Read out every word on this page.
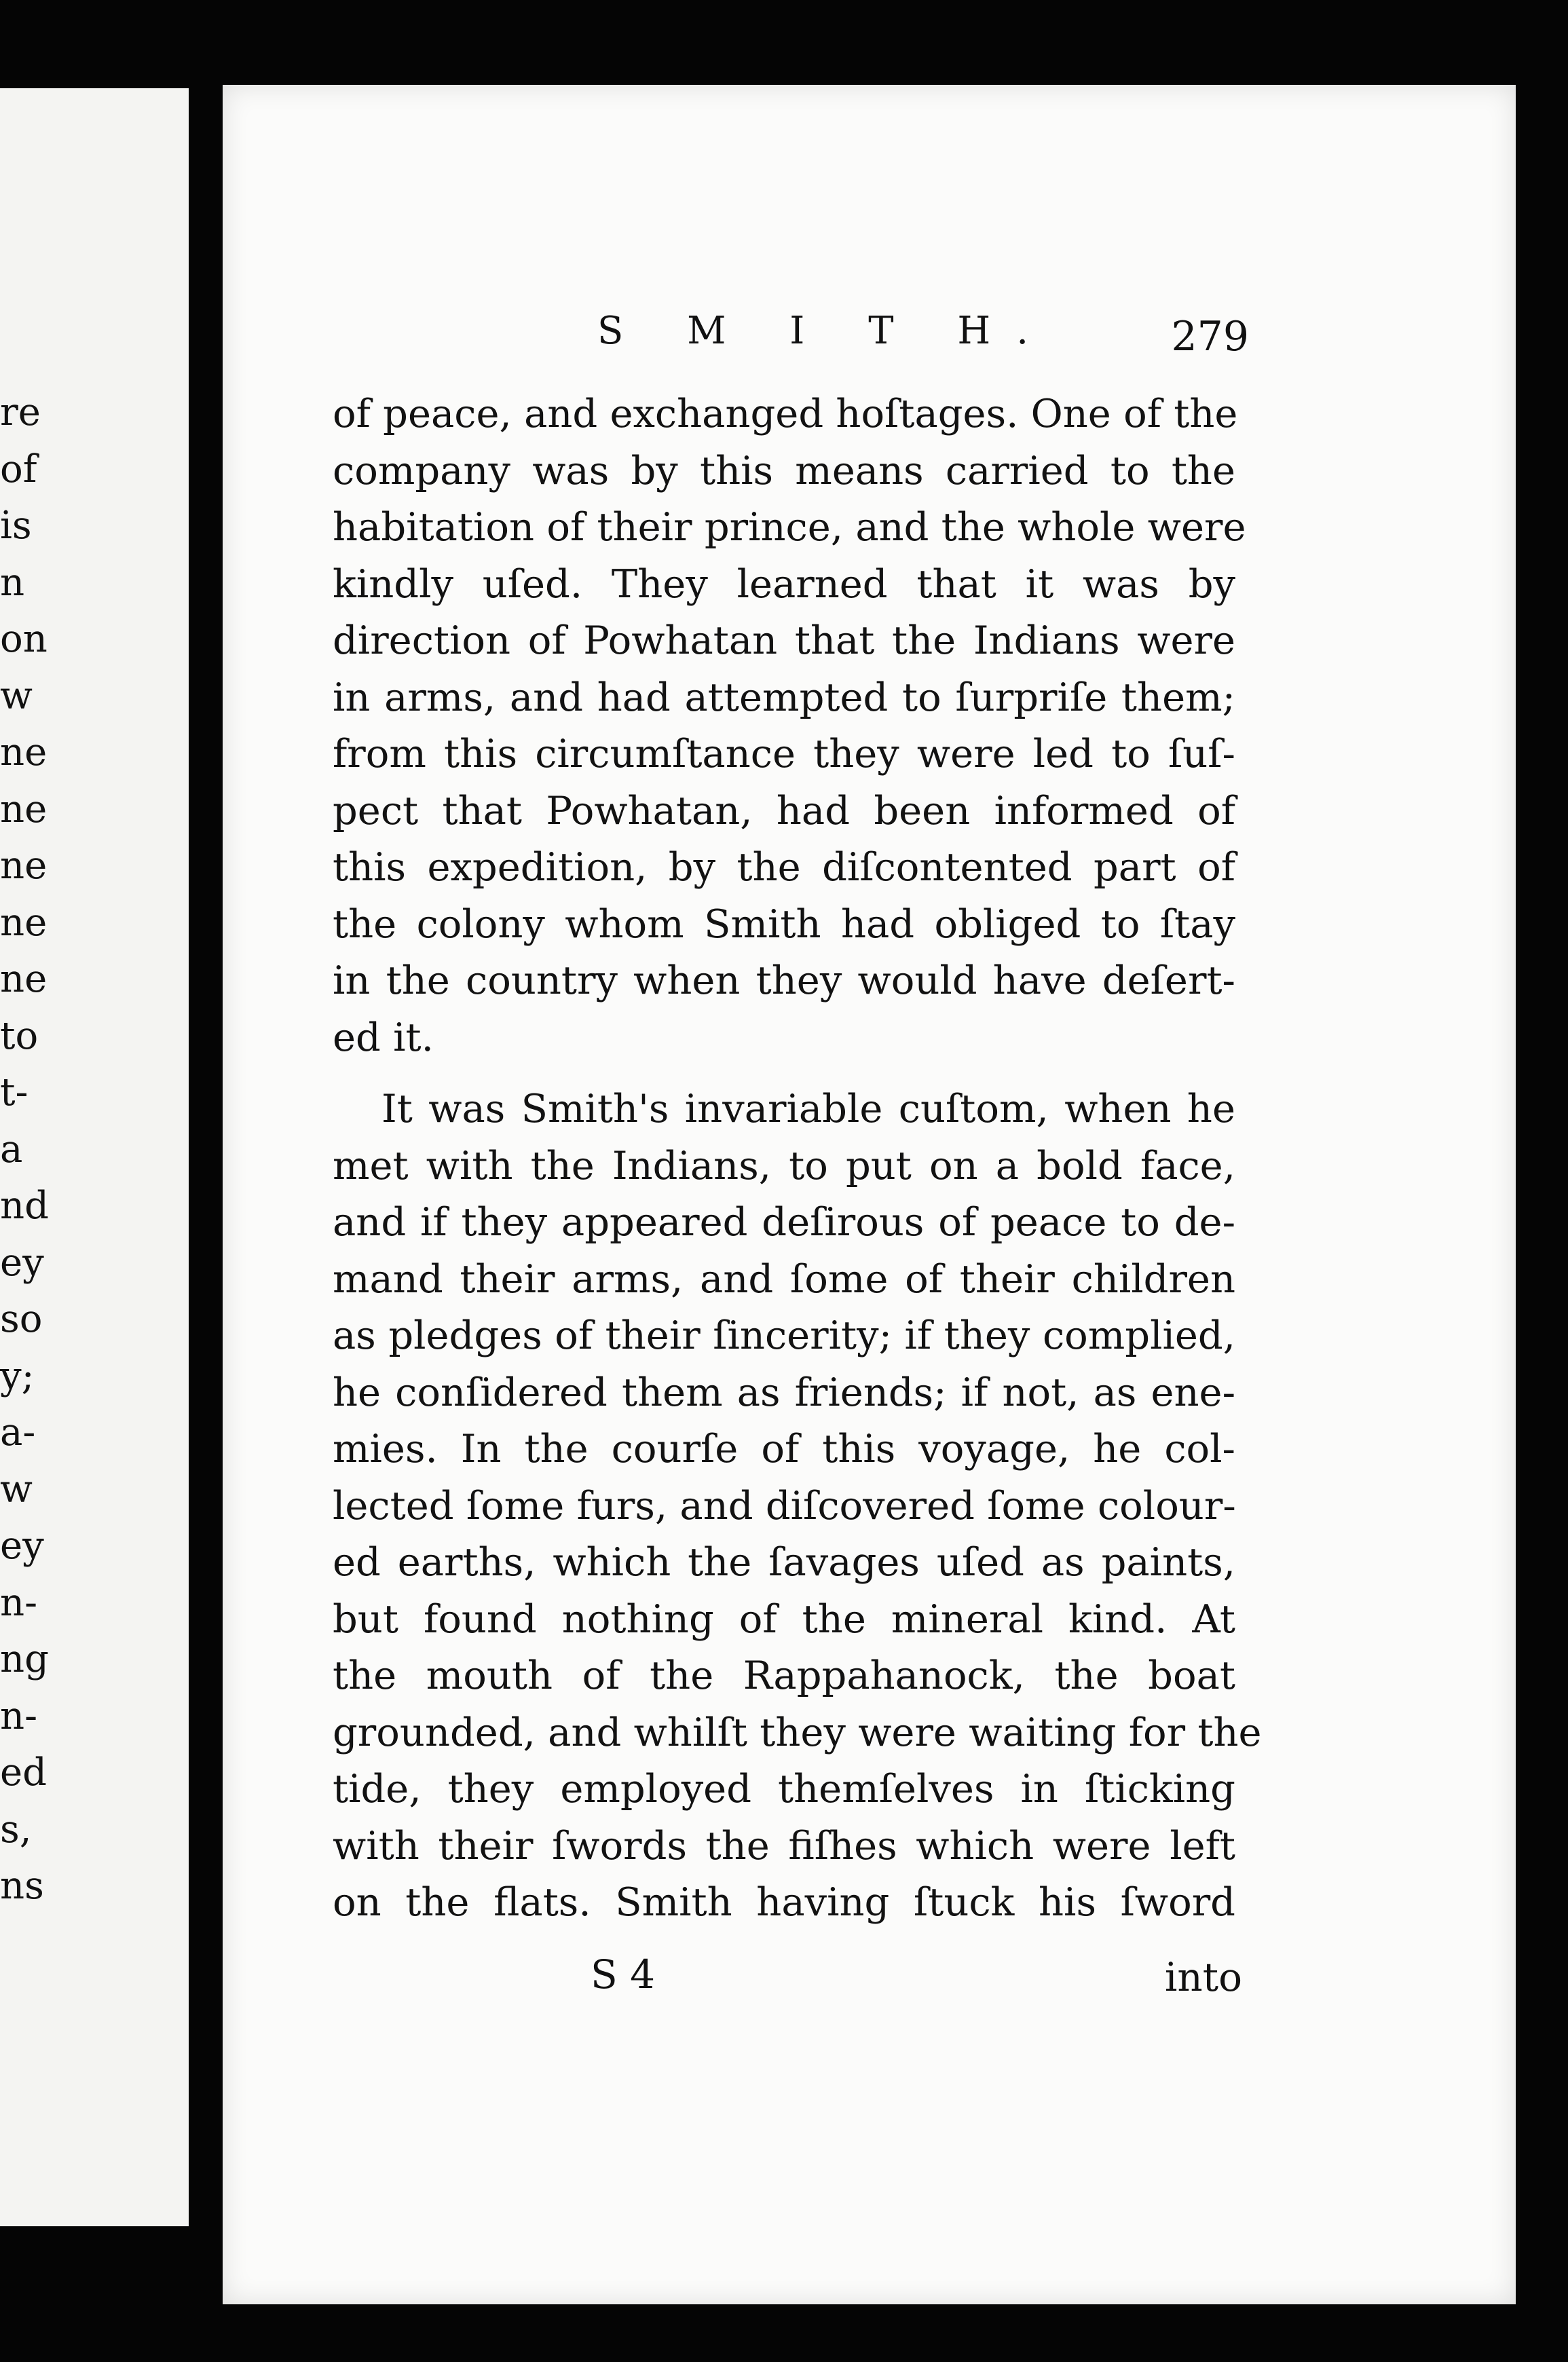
re
of
is
n
on
w
ne
ne
ne
ne
ne
to
t-
a
nd
ey
so
y;
a-
w
ey
n-
ng
n-
ed
s,
ns
S M I T H.	279
of peace, and exchanged hoſtages. One of the
company was by this means carried to the
habitation of their prince, and the whole were
kindly uſed. They learned that it was by
direction of Powhatan that the Indians were
in arms, and had attempted to ſurpriſe them;
from this circumſtance they were led to ſuſ-
pect that Powhatan, had been informed of
this expedition, by the diſcontented part of
the colony whom Smith had obliged to ſtay
in the country when they would have deſert-
ed it.
It was Smith's invariable cuſtom, when he
met with the Indians, to put on a bold face,
and if they appeared deſirous of peace to de-
mand their arms, and ſome of their children
as pledges of their ſincerity; if they complied,
he conſidered them as friends; if not, as ene-
mies. In the courſe of this voyage, he col-
lected ſome furs, and diſcovered ſome colour-
ed earths, which the ſavages uſed as paints,
but found nothing of the mineral kind. At
the mouth of the Rappahanock, the boat
grounded, and whilſt they were waiting for the
tide, they employed themſelves in ſticking
with their ſwords the fiſhes which were left
on the flats. Smith having ſtuck his ſword
S 4	into
